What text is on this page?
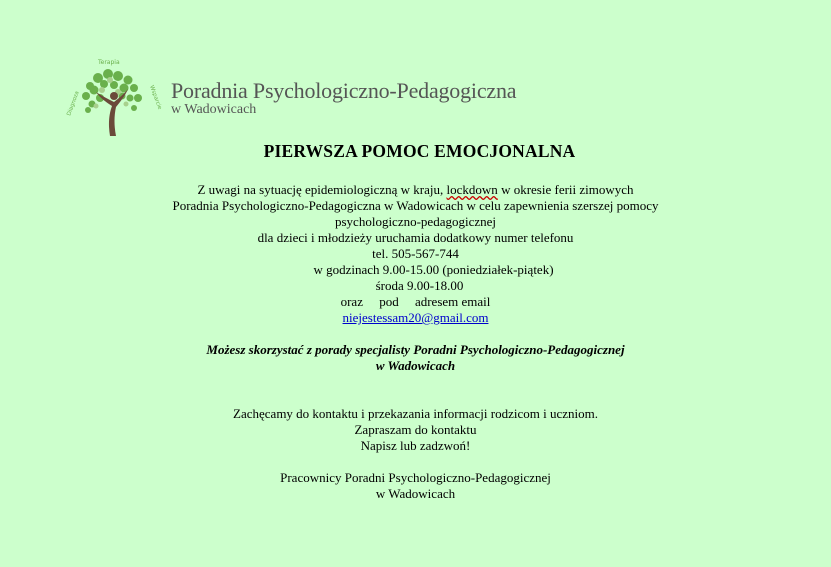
Terapia
Diagnoza	Wsparcie Poradnia Psychologiczno-Pedagogiczna
w Wadowicach
PIERWSZA POMOC EMOCJONALNA
Z uwagi na sytuację epidemiologiczną w kraju, lockdown w okresie ferii zimowych
Poradnia Psychologiczno-Pedagogiczna w Wadowicach w celu zapewnienia szerszej pomocy
psychologiczno-pedagogicznej
dla dzieci i młodzieży uruchamia dodatkowy numer telefonu
tel. 505-567-744
w godzinach 9.00-15.00 (poniedziałek-piątek)
środa 9.00-18.00
oraz     pod     adresem email
niejestessam20@gmail.com
Możesz skorzystać z porady specjalisty Poradni Psychologiczno-Pedagogicznej
w Wadowicach
Zachęcamy do kontaktu i przekazania informacji rodzicom i uczniom.
Zapraszam do kontaktu
Napisz lub zadzwoń!
Pracownicy Poradni Psychologiczno-Pedagogicznej
w Wadowicach
